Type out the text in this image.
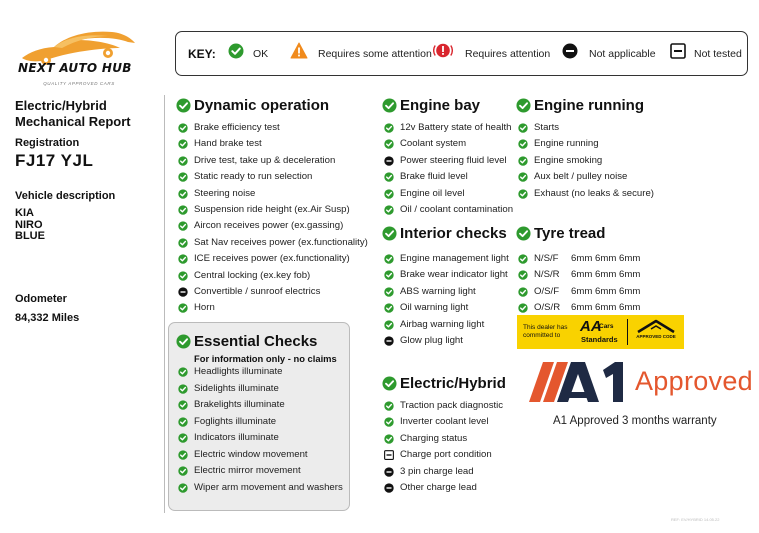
NEXT AUTO HUB
QUALITY APPROVED CARS
KEY:	OK	Requires some attention	Requires attention	Not applicable	Not tested
Electric/Hybrid
Mechanical Report
Registration
FJ17 YJL
Vehicle description
KIA
NIRO
BLUE
Odometer
84,332 Miles
For information only - no claims
Dynamic operation
Essential Checks
Engine bay
Interior checks
Electric/Hybrid
Engine running
Tyre tread
Brake efficiency test
Hand brake test
Drive test, take up & deceleration
Static ready to run selection
Steering noise
Suspension ride height (ex.Air Susp)
Aircon receives power (ex.gassing)
Sat Nav receives power (ex.functionality)
ICE receives power (ex.functionality)
Central locking (ex.key fob)
Convertible / sunroof electrics
Horn
Headlights illuminate
Sidelights illuminate
Brakelights illuminate
Foglights illuminate
Indicators illuminate
Electric window movement
Electric mirror movement
Wiper arm movement and washers
12v Battery state of health
Coolant system
Power steering fluid level
Brake fluid level
Engine oil level
Oil / coolant contamination
Engine management light
Brake wear indicator light
ABS warning light
Oil warning light
Airbag warning light
Glow plug light
Traction pack diagnostic
Inverter coolant level
Charging status
Charge port condition
3 pin charge lead
Other charge lead
Starts
Engine running
Engine smoking
Aux belt / pulley noise
Exhaust (no leaks & secure)
N/S/F 6mm 6mm 6mm
N/S/R 6mm 6mm 6mm
O/S/F 6mm 6mm 6mm
O/S/R 6mm 6mm 6mm
This dealer has
committed to
AA
Cars
Standards	APPROVED CODE
Approved
A1 Approved 3 months warranty
REF: EV/HYBRID 14.05.22
